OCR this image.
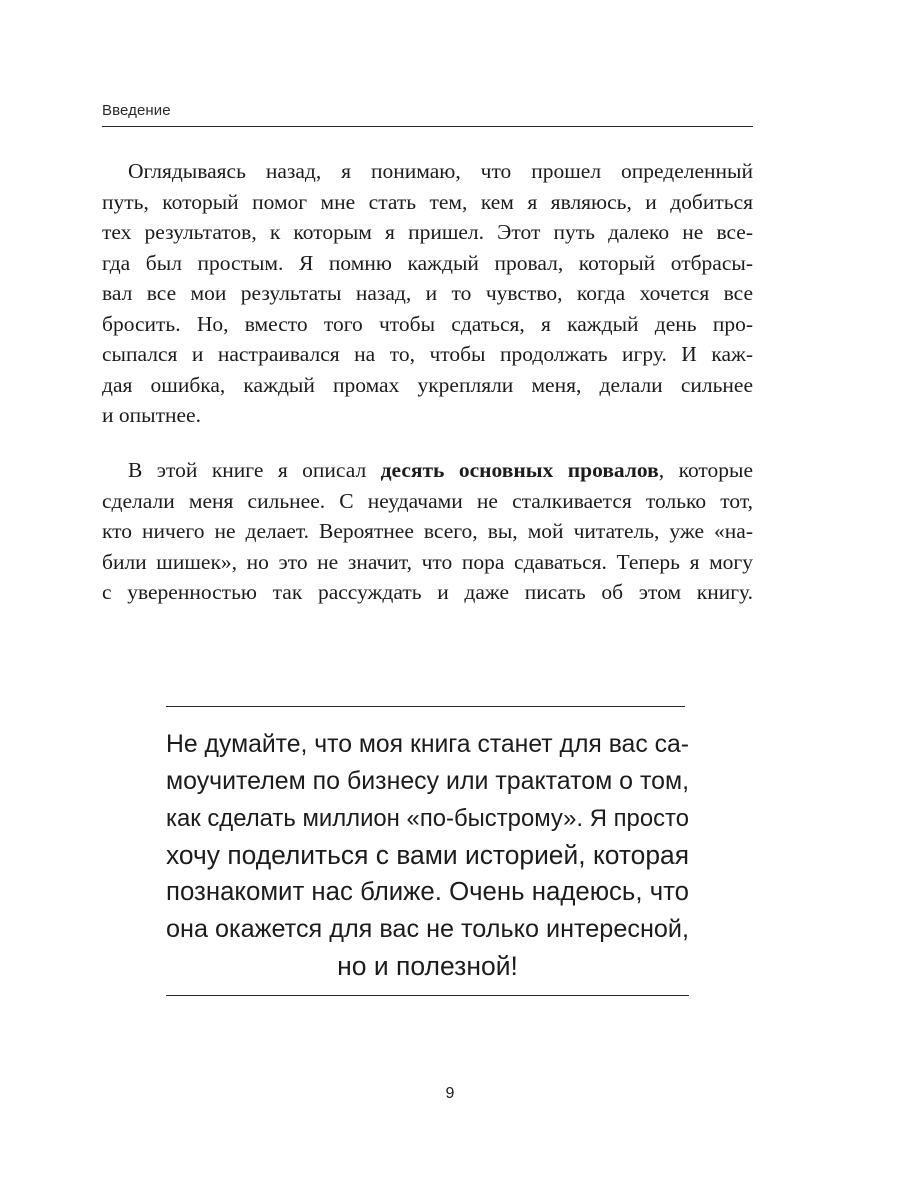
Введение
Оглядываясь назад, я понимаю, что прошел определенный
путь, который помог мне стать тем, кем я являюсь, и добиться
тех результатов, к которым я пришел. Этот путь далеко не все-
гда был простым. Я помню каждый провал, который отбрасы-
вал все мои результаты назад, и то чувство, когда хочется все
бросить. Но, вместо того чтобы сдаться, я каждый день про-
сыпался и настраивался на то, чтобы продолжать игру. И каж-
дая ошибка, каждый промах укрепляли меня, делали сильнее
и опытнее.
В этой книге я описал десять основных провалов, которые
сделали меня сильнее. С неудачами не сталкивается только тот,
кто ничего не делает. Вероятнее всего, вы, мой читатель, уже «на-
били шишек», но это не значит, что пора сдаваться. Теперь я могу
с уверенностью так рассуждать и даже писать об этом книгу.
Не думайте, что моя книга станет для вас са-
моучителем по бизнесу или трактатом о том,
как сделать миллион «по-быстрому». Я просто
хочу поделиться с вами историей, которая
познакомит нас ближе. Очень надеюсь, что
она окажется для вас не только интересной,
но и полезной!
9
